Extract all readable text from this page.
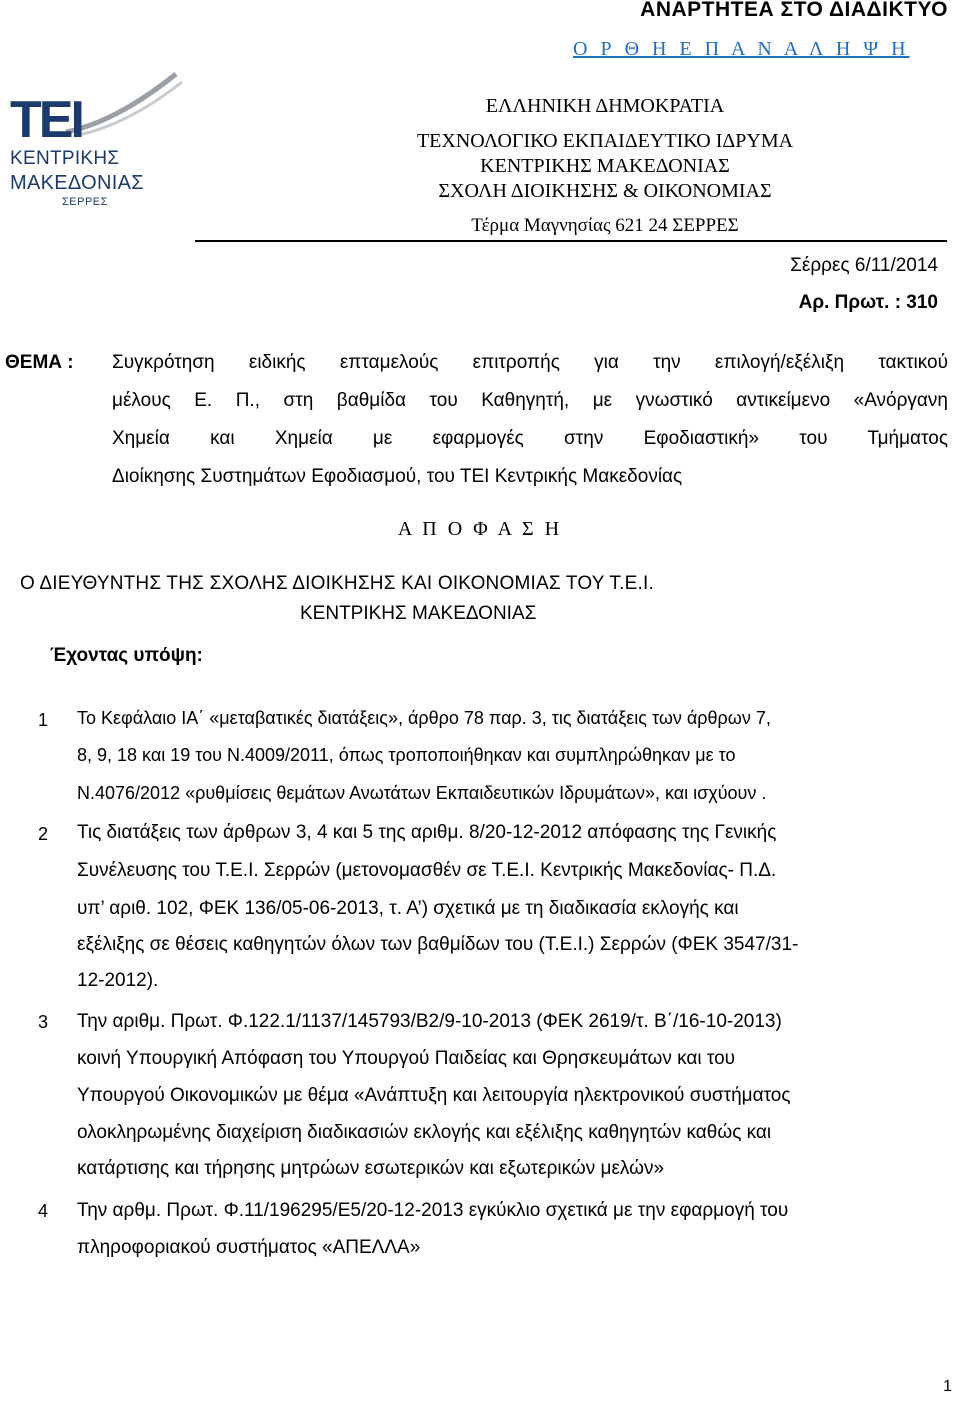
ΑΝΑΡΤΗΤΕΑ ΣΤΟ ΔΙΑΔΙΚΤΥΟ
Ο Ρ Θ Η Ε Π Α Ν Α Λ Η Ψ Η
ΤΕΙ
ΚΕΝΤΡΙΚΗΣ
ΜΑΚΕΔΟΝΙΑΣ
ΣΕΡΡΕΣ
ΕΛΛΗΝΙΚΗ ΔΗΜΟΚΡΑΤΙΑ
ΤΕΧΝΟΛΟΓΙΚΟ ΕΚΠΑΙΔΕΥΤΙΚΟ ΙΔΡΥΜΑ
ΚΕΝΤΡΙΚΗΣ ΜΑΚΕΔΟΝΙΑΣ
ΣΧΟΛΗ ΔΙΟΙΚΗΣΗΣ & ΟΙΚΟΝΟΜΙΑΣ
Τέρμα Μαγνησίας 621 24 ΣΕΡΡΕΣ
Σέρρες 6/11/2014
Αρ. Πρωτ. : 310
ΘΕΜΑ : Συγκρότηση ειδικής επταμελούς επιτροπής για την επιλογή/εξέλιξη τακτικού
μέλους Ε. Π., στη βαθμίδα του Καθηγητή, με γνωστικό αντικείμενο «Ανόργανη
Χημεία και Χημεία με εφαρμογές στην Εφοδιαστική» του Τμήματος
Διοίκησης Συστημάτων Εφοδιασμού, του ΤΕΙ Κεντρικής Μακεδονίας
Α Π Ο Φ Α Σ Η
Ο ΔΙΕΥΘΥΝΤΗΣ ΤΗΣ ΣΧΟΛΗΣ ΔΙΟΙΚΗΣΗΣ ΚΑΙ ΟΙΚΟΝΟΜΙΑΣ ΤΟΥ Τ.Ε.Ι.
ΚΕΝΤΡΙΚΗΣ ΜΑΚΕΔΟΝΙΑΣ
Έχοντας υπόψη:
1 Το Κεφάλαιο ΙΑ΄ «μεταβατικές διατάξεις», άρθρο 78 παρ. 3, τις διατάξεις των άρθρων 7,
8, 9, 18 και 19 του Ν.4009/2011, όπως τροποποιήθηκαν και συμπληρώθηκαν με το
Ν.4076/2012 «ρυθμίσεις θεμάτων Ανωτάτων Εκπαιδευτικών Ιδρυμάτων», και ισχύουν .
2 Τις διατάξεις των άρθρων 3, 4 και 5 της αριθμ. 8/20-12-2012 απόφασης της Γενικής
Συνέλευσης του Τ.Ε.Ι. Σερρών (μετονομασθέν σε Τ.Ε.Ι. Κεντρικής Μακεδονίας- Π.Δ.
υπ’ αριθ. 102, ΦΕΚ 136/05-06-2013, τ. Α’) σχετικά με τη διαδικασία εκλογής και
εξέλιξης σε θέσεις καθηγητών όλων των βαθμίδων του (Τ.Ε.Ι.) Σερρών (ΦΕΚ 3547/31-
12-2012).
3 Την αριθμ. Πρωτ. Φ.122.1/1137/145793/Β2/9-10-2013 (ΦΕΚ 2619/τ. Β΄/16-10-2013)
κοινή Υπουργική Απόφαση του Υπουργού Παιδείας και Θρησκευμάτων και του
Υπουργού Οικονομικών με θέμα «Ανάπτυξη και λειτουργία ηλεκτρονικού συστήματος
ολοκληρωμένης διαχείριση διαδικασιών εκλογής και εξέλιξης καθηγητών καθώς και
κατάρτισης και τήρησης μητρώων εσωτερικών και εξωτερικών μελών»
4 Την αρθμ. Πρωτ. Φ.11/196295/Ε5/20-12-2013 εγκύκλιο σχετικά με την εφαρμογή του
πληροφοριακού συστήματος «ΑΠΕΛΛΑ»
1
